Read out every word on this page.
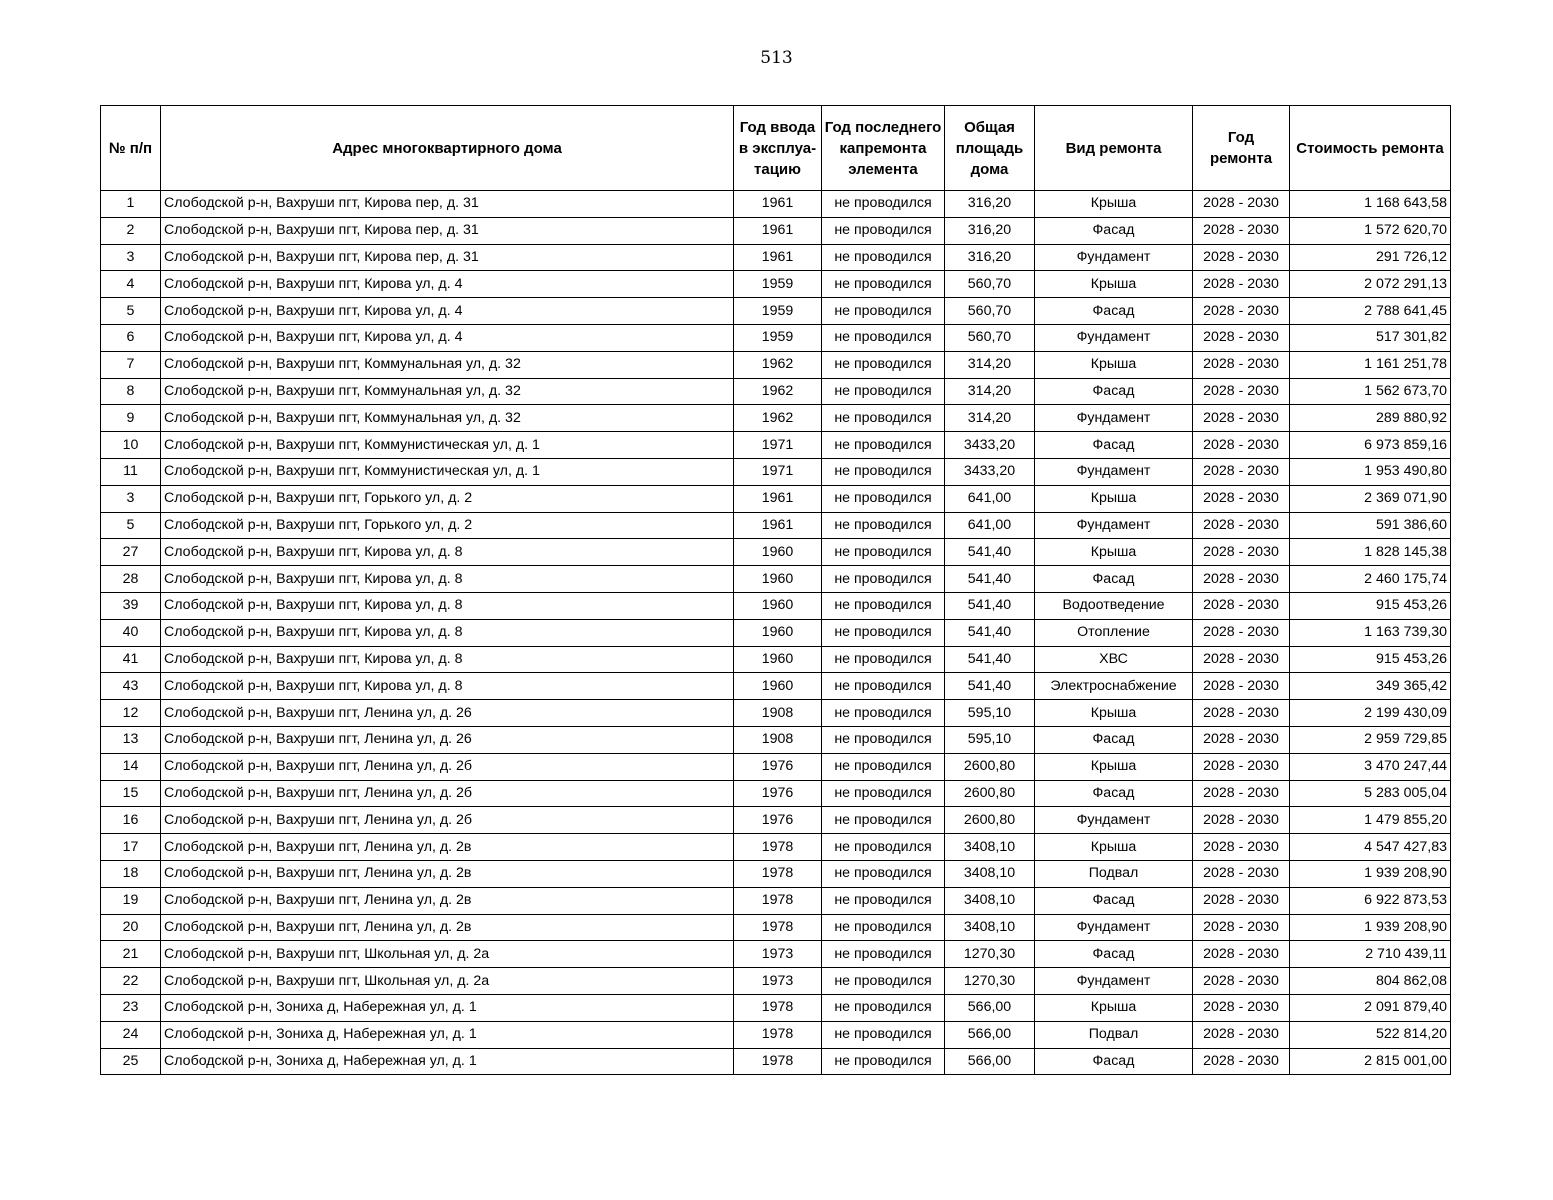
513
№ п/п	Адрес многоквартирного дома	Год ввода в эксплуа-тацию	Год последнего капремонта элемента	Общая площадь дома	Вид ремонта	Год ремонта	Стоимость ремонта
1	Слободской р-н, Вахруши пгт, Кирова пер, д. 31	1961	не проводился	316,20	Крыша	2028 - 2030	1 168 643,58
2	Слободской р-н, Вахруши пгт, Кирова пер, д. 31	1961	не проводился	316,20	Фасад	2028 - 2030	1 572 620,70
3	Слободской р-н, Вахруши пгт, Кирова пер, д. 31	1961	не проводился	316,20	Фундамент	2028 - 2030	291 726,12
4	Слободской р-н, Вахруши пгт, Кирова ул, д. 4	1959	не проводился	560,70	Крыша	2028 - 2030	2 072 291,13
5	Слободской р-н, Вахруши пгт, Кирова ул, д. 4	1959	не проводился	560,70	Фасад	2028 - 2030	2 788 641,45
6	Слободской р-н, Вахруши пгт, Кирова ул, д. 4	1959	не проводился	560,70	Фундамент	2028 - 2030	517 301,82
7	Слободской р-н, Вахруши пгт, Коммунальная ул, д. 32	1962	не проводился	314,20	Крыша	2028 - 2030	1 161 251,78
8	Слободской р-н, Вахруши пгт, Коммунальная ул, д. 32	1962	не проводился	314,20	Фасад	2028 - 2030	1 562 673,70
9	Слободской р-н, Вахруши пгт, Коммунальная ул, д. 32	1962	не проводился	314,20	Фундамент	2028 - 2030	289 880,92
10	Слободской р-н, Вахруши пгт, Коммунистическая ул, д. 1	1971	не проводился	3433,20	Фасад	2028 - 2030	6 973 859,16
11	Слободской р-н, Вахруши пгт, Коммунистическая ул, д. 1	1971	не проводился	3433,20	Фундамент	2028 - 2030	1 953 490,80
3	Слободской р-н, Вахруши пгт, Горького ул, д. 2	1961	не проводился	641,00	Крыша	2028 - 2030	2 369 071,90
5	Слободской р-н, Вахруши пгт, Горького ул, д. 2	1961	не проводился	641,00	Фундамент	2028 - 2030	591 386,60
27	Слободской р-н, Вахруши пгт, Кирова ул, д. 8	1960	не проводился	541,40	Крыша	2028 - 2030	1 828 145,38
28	Слободской р-н, Вахруши пгт, Кирова ул, д. 8	1960	не проводился	541,40	Фасад	2028 - 2030	2 460 175,74
39	Слободской р-н, Вахруши пгт, Кирова ул, д. 8	1960	не проводился	541,40	Водоотведение	2028 - 2030	915 453,26
40	Слободской р-н, Вахруши пгт, Кирова ул, д. 8	1960	не проводился	541,40	Отопление	2028 - 2030	1 163 739,30
41	Слободской р-н, Вахруши пгт, Кирова ул, д. 8	1960	не проводился	541,40	ХВС	2028 - 2030	915 453,26
43	Слободской р-н, Вахруши пгт, Кирова ул, д. 8	1960	не проводился	541,40	Электроснабжение	2028 - 2030	349 365,42
12	Слободской р-н, Вахруши пгт, Ленина ул, д. 26	1908	не проводился	595,10	Крыша	2028 - 2030	2 199 430,09
13	Слободской р-н, Вахруши пгт, Ленина ул, д. 26	1908	не проводился	595,10	Фасад	2028 - 2030	2 959 729,85
14	Слободской р-н, Вахруши пгт, Ленина ул, д. 2б	1976	не проводился	2600,80	Крыша	2028 - 2030	3 470 247,44
15	Слободской р-н, Вахруши пгт, Ленина ул, д. 2б	1976	не проводился	2600,80	Фасад	2028 - 2030	5 283 005,04
16	Слободской р-н, Вахруши пгт, Ленина ул, д. 2б	1976	не проводился	2600,80	Фундамент	2028 - 2030	1 479 855,20
17	Слободской р-н, Вахруши пгт, Ленина ул, д. 2в	1978	не проводился	3408,10	Крыша	2028 - 2030	4 547 427,83
18	Слободской р-н, Вахруши пгт, Ленина ул, д. 2в	1978	не проводился	3408,10	Подвал	2028 - 2030	1 939 208,90
19	Слободской р-н, Вахруши пгт, Ленина ул, д. 2в	1978	не проводился	3408,10	Фасад	2028 - 2030	6 922 873,53
20	Слободской р-н, Вахруши пгт, Ленина ул, д. 2в	1978	не проводился	3408,10	Фундамент	2028 - 2030	1 939 208,90
21	Слободской р-н, Вахруши пгт, Школьная ул, д. 2а	1973	не проводился	1270,30	Фасад	2028 - 2030	2 710 439,11
22	Слободской р-н, Вахруши пгт, Школьная ул, д. 2а	1973	не проводился	1270,30	Фундамент	2028 - 2030	804 862,08
23	Слободской р-н, Зониха д, Набережная ул, д. 1	1978	не проводился	566,00	Крыша	2028 - 2030	2 091 879,40
24	Слободской р-н, Зониха д, Набережная ул, д. 1	1978	не проводился	566,00	Подвал	2028 - 2030	522 814,20
25	Слободской р-н, Зониха д, Набережная ул, д. 1	1978	не проводился	566,00	Фасад	2028 - 2030	2 815 001,00
